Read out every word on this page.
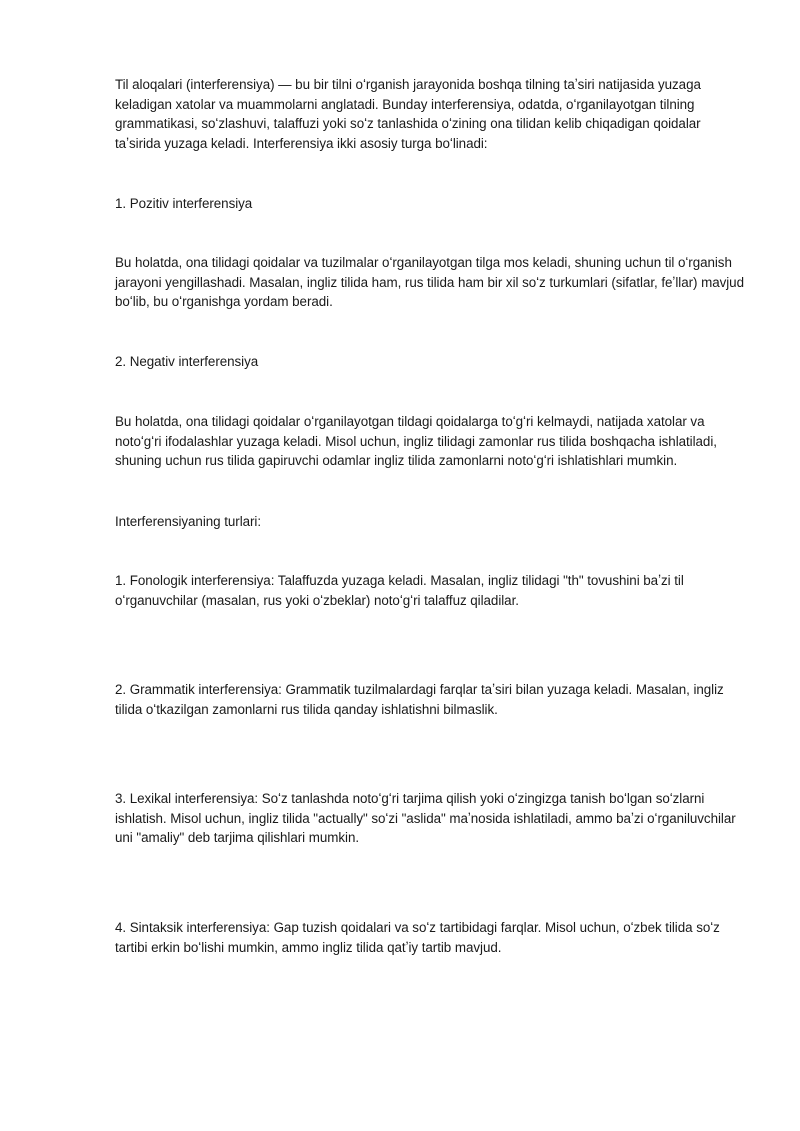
Til aloqalari (interferensiya) — bu bir tilni oʻrganish jarayonida boshqa tilning taʼsiri natijasida yuzaga keladigan xatolar va muammolarni anglatadi. Bunday interferensiya, odatda, oʻrganilayotgan tilning grammatikasi, soʻzlashuvi, talaffuzi yoki soʻz tanlashida oʻzining ona tilidan kelib chiqadigan qoidalar taʼsirida yuzaga keladi. Interferensiya ikki asosiy turga boʻlinadi:

1. Pozitiv interferensiya

Bu holatda, ona tilidagi qoidalar va tuzilmalar oʻrganilayotgan tilga mos keladi, shuning uchun til oʻrganish jarayoni yengillashadi. Masalan, ingliz tilida ham, rus tilida ham bir xil soʻz turkumlari (sifatlar, feʼllar) mavjud boʻlib, bu oʻrganishga yordam beradi.

2. Negativ interferensiya

Bu holatda, ona tilidagi qoidalar oʻrganilayotgan tildagi qoidalarga toʻgʻri kelmaydi, natijada xatolar va notoʻgʻri ifodalashlar yuzaga keladi. Misol uchun, ingliz tilidagi zamonlar rus tilida boshqacha ishlatiladi, shuning uchun rus tilida gapiruvchi odamlar ingliz tilida zamonlarni notoʻgʻri ishlatishlari mumkin.

Interferensiyaning turlari:

1. Fonologik interferensiya: Talaffuzda yuzaga keladi. Masalan, ingliz tilidagi "th" tovushini baʼzi til oʻrganuvchilar (masalan, rus yoki oʻzbeklar) notoʻgʻri talaffuz qiladilar.

2. Grammatik interferensiya: Grammatik tuzilmalardagi farqlar taʼsiri bilan yuzaga keladi. Masalan, ingliz tilida oʻtkazilgan zamonlarni rus tilida qanday ishlatishni bilmaslik.

3. Lexikal interferensiya: Soʻz tanlashda notoʻgʻri tarjima qilish yoki oʻzingizga tanish boʻlgan soʻzlarni ishlatish. Misol uchun, ingliz tilida "actually" soʻzi "aslida" maʼnosida ishlatiladi, ammo baʼzi oʻrganiluvchilar uni "amaliy" deb tarjima qilishlari mumkin.

4. Sintaksik interferensiya: Gap tuzish qoidalari va soʻz tartibidagi farqlar. Misol uchun, oʻzbek tilida soʻz tartibi erkin boʻlishi mumkin, ammo ingliz tilida qatʼiy tartib mavjud.
